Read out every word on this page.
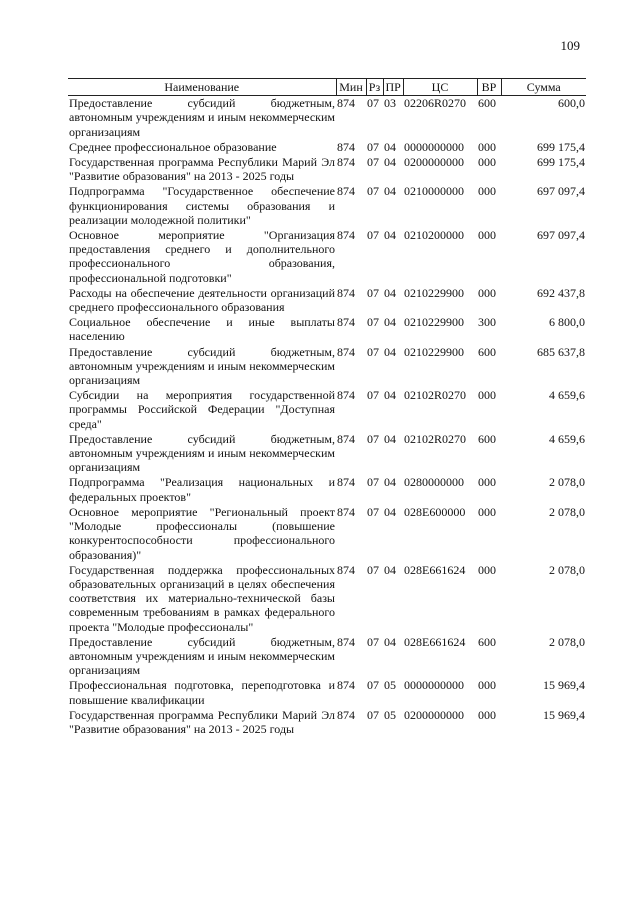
109
Наименование	Мин	Рз	ПР	ЦС	ВР	Сумма
Предоставление субсидий бюджетным, автономным учреждениям и иным некоммерческим организациям	874	07	03	02206R0270	600	600,0
Среднее профессиональное образование	874	07	04	0000000000	000	699 175,4
Государственная программа Республики Марий Эл "Развитие образования" на 2013 - 2025 годы	874	07	04	0200000000	000	699 175,4
Подпрограмма "Государственное обеспечение функционирования системы образования и реализации молодежной политики"	874	07	04	0210000000	000	697 097,4
Основное мероприятие "Организация предоставления среднего и дополнительного профессионального образования, профессиональной подготовки"	874	07	04	0210200000	000	697 097,4
Расходы на обеспечение деятельности организаций среднего профессионального образования	874	07	04	0210229900	000	692 437,8
Социальное обеспечение и иные выплаты населению	874	07	04	0210229900	300	6 800,0
Предоставление субсидий бюджетным, автономным учреждениям и иным некоммерческим организациям	874	07	04	0210229900	600	685 637,8
Субсидии на мероприятия государственной программы Российской Федерации "Доступная среда"	874	07	04	02102R0270	000	4 659,6
Предоставление субсидий бюджетным, автономным учреждениям и иным некоммерческим организациям	874	07	04	02102R0270	600	4 659,6
Подпрограмма "Реализация национальных и федеральных проектов"	874	07	04	0280000000	000	2 078,0
Основное мероприятие "Региональный проект "Молодые профессионалы (повышение конкурентоспособности профессионального образования)"	874	07	04	028E600000	000	2 078,0
Государственная поддержка профессиональных образовательных организаций в целях обеспечения соответствия их материально-технической базы современным требованиям в рамках федерального проекта "Молодые профессионалы"	874	07	04	028E661624	000	2 078,0
Предоставление субсидий бюджетным, автономным учреждениям и иным некоммерческим организациям	874	07	04	028E661624	600	2 078,0
Профессиональная подготовка, переподготовка и повышение квалификации	874	07	05	0000000000	000	15 969,4
Государственная программа Республики Марий Эл "Развитие образования" на 2013 - 2025 годы	874	07	05	0200000000	000	15 969,4
